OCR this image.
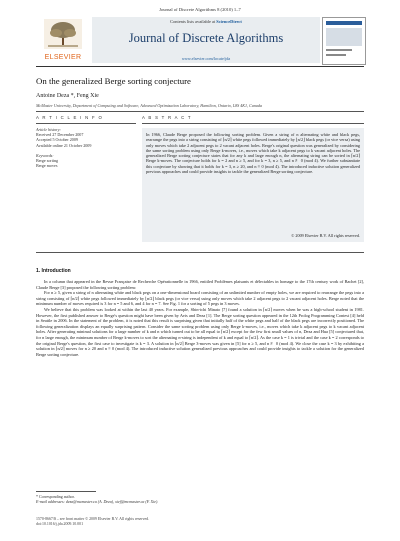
Journal of Discrete Algorithms 8 (2010) 1–7
ELSEVIER
Contents lists available at ScienceDirect
Journal of Discrete Algorithms
www.elsevier.com/locate/jda
On the generalized Berge sorting conjecture
Antoine Deza *, Feng Xie
McMaster University, Department of Computing and Software, Advanced Optimization Laboratory, Hamilton, Ontario, L8S 4K1, Canada
A R T I C L E I N F O	A B S T R A C T
Article history:
Received 27 December 2007
Accepted 5 October 2009
Available online 21 October 2009
Keywords:
Berge sorting
Berge moves
In 1966, Claude Berge proposed the following sorting problem. Given a string of n alternating white and black pegs, rearrange the pegs into a string consisting of ⌈n/2⌉ white pegs followed immediately by ⌊n/2⌋ black pegs (or vice versa) using only moves which take 2 adjacent pegs to 2 vacant adjacent holes. Berge's original question was generalized by considering the same sorting problem using only Berge k-moves, i.e., moves which take k adjacent pegs to k vacant adjacent holes. The generalized Berge sorting conjecture states that for any k and large enough n, the alternating string can be sorted in ⌈n/2⌉ Berge k-moves. The conjecture holds for k = 2 and n ≥ 5, and for k = 3, n ≥ 5, and n ≢ 0 (mod 4). We further substantiate this conjecture by showing that it holds for k = 3, n ≥ 20, and n ≡ 0 (mod 4). The introduced inductive solution generalized previous approaches and could provide insights to tackle the generalized Berge sorting conjecture.
© 2009 Elsevier B.V. All rights reserved.
1. Introduction

In a column that appeared in the Revue Française de Recherche Opérationnelle in 1966, entitled Problèmes plaisants et délectables in homage to the 17th century work of Bachet [2], Claude Berge [3] proposed the following sorting problem:

For n ≥ 5, given a string of n alternating white and black pegs on a one-dimensional board consisting of an unlimited number of empty holes, we are required to rearrange the pegs into a string consisting of ⌈n/2⌉ white pegs followed immediately by ⌊n/2⌋ black pegs (or vice versa) using only moves which take 2 adjacent pegs to 2 vacant adjacent holes. Berge noted that the minimum number of moves required is 3 for n = 5 and 6, and 4 for n = 7. See Fig. 1 for a sorting of 5 pegs in 3 moves.

We believe that this problem was looked at within the last 40 years. For example, Shin-ichi Minato [7] found a solution in ⌈n/2⌉ moves when he was a high-school student in 1981. However, the first published answer to Berge's question might have been given by Avis and Deza [1]. The Berge sorting question appeared in the 12th Prolog Programming Contest [4] held in Seattle in 2006. In the statement of the problem, it is noted that this result is surprising given that initially half of the white pegs and half of the black pegs are incorrectly positioned. The following generalization displays an equally surprising pattern. Consider the same sorting problem using only Berge k-moves, i.e., moves which take k adjacent pegs to k vacant adjacent holes. After generating minimal solutions for a large number of k and n which turned out to be all equal to ⌈n/2⌉ except for the few first small values of n, Deza and Hua [5] conjectured that, for n large enough, the minimum number of Berge k-moves to sort the alternating n-string is independent of k and equal to ⌈n/2⌉. As the case k = 1 is trivial and the case k = 2 corresponds to the original Berge's question, the first case to investigate is k = 3. A solution in ⌈n/2⌉ Berge 3-moves was given in [5] for n ≥ 5, and n ≢ 0 (mod 4). We close the case k = 3 by exhibiting a solution in ⌈n/2⌉ moves for n ≥ 20 and n ≡ 0 (mod 4). The introduced inductive solution generalized previous approaches and could provide insights to tackle a solution for the generalized Berge sorting conjecture.

* Corresponding author.
E-mail addresses: deza@mcmaster.ca (A. Deza), xief@mcmaster.ca (F. Xie).
1570-8667/$ – see front matter © 2009 Elsevier B.V. All rights reserved.
doi:10.1016/j.jda.2009.10.001
